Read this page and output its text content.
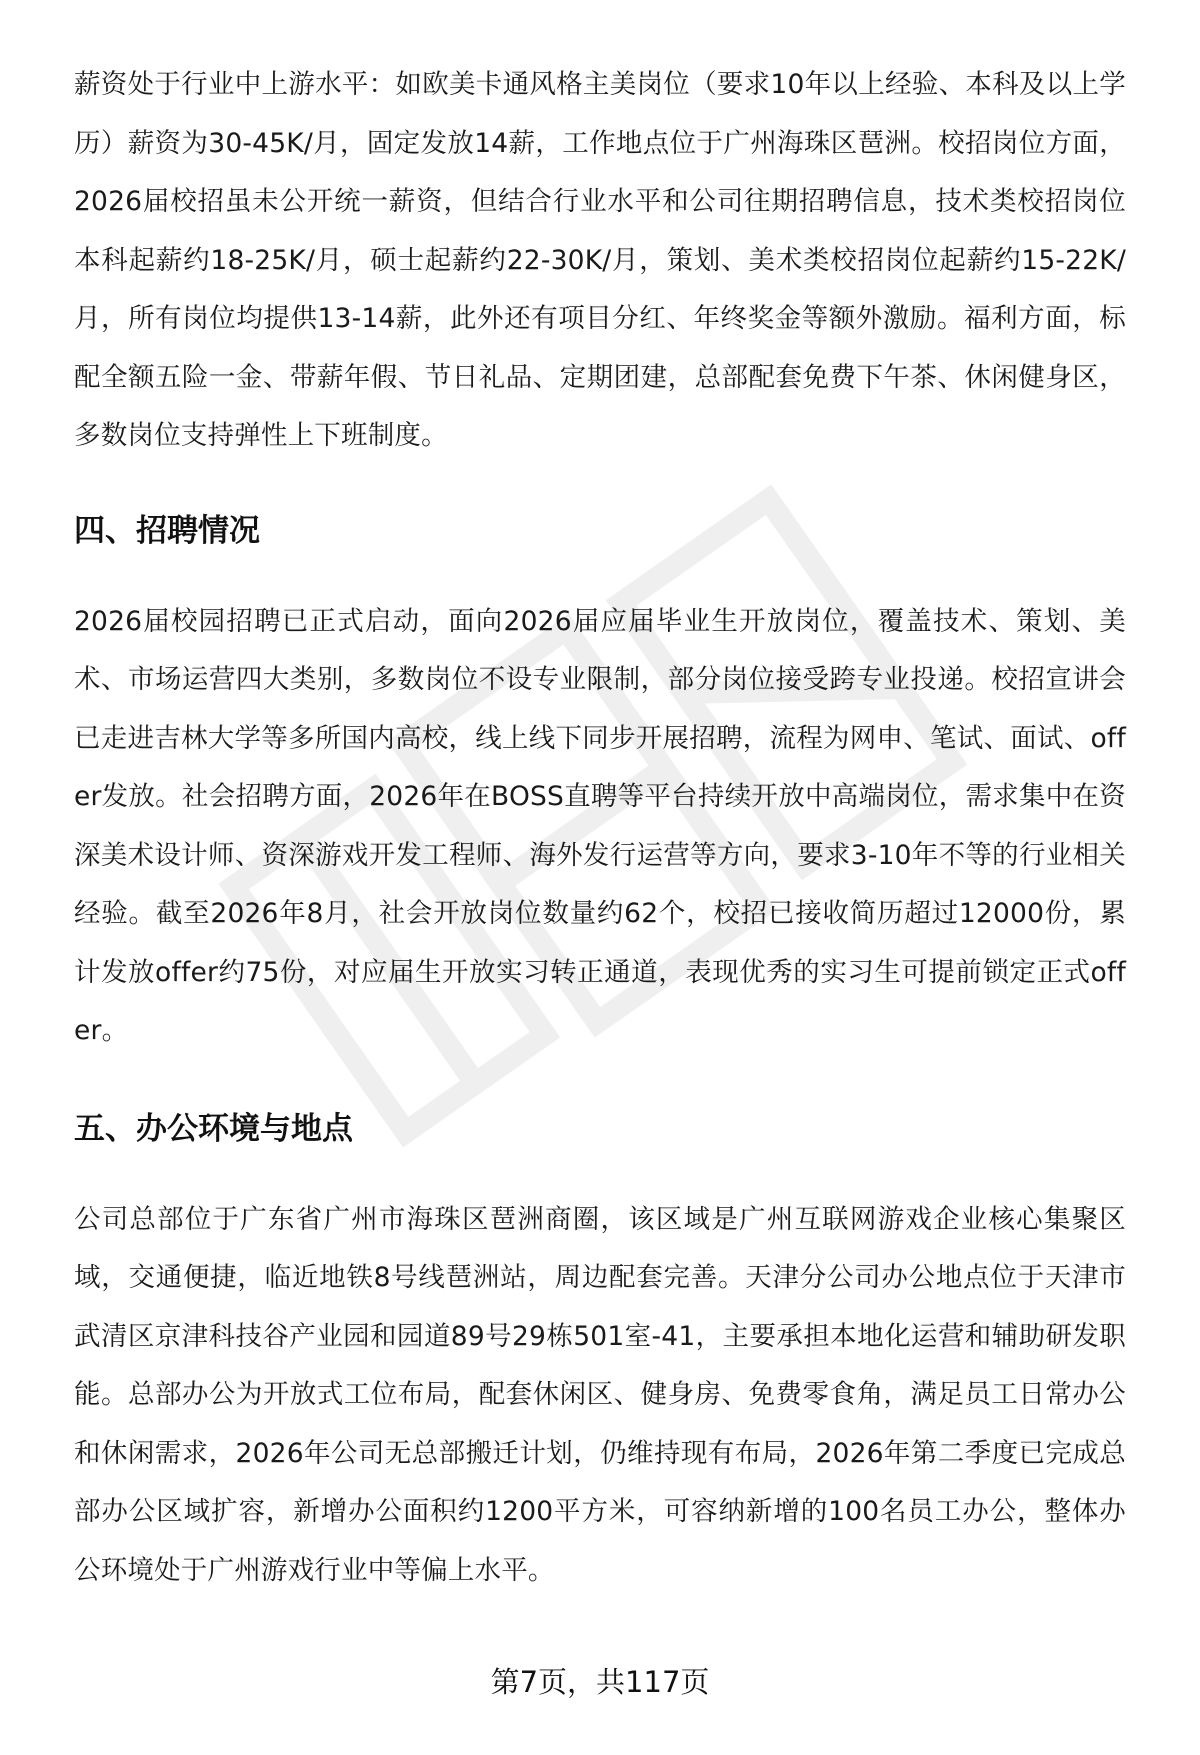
薪资处于行业中上游水平：如欧美卡通风格主美岗位（要求10年以上经验、本科及以上学历）薪资为30-45K/月，固定发放14薪，工作地点位于广州海珠区琶洲。校招岗位方面，2026届校招虽未公开统一薪资，但结合行业水平和公司往期招聘信息，技术类校招岗位本科起薪约18-25K/月，硕士起薪约22-30K/月，策划、美术类校招岗位起薪约15-22K/月，所有岗位均提供13-14薪，此外还有项目分红、年终奖金等额外激励。福利方面，标配全额五险一金、带薪年假、节日礼品、定期团建，总部配套免费下午茶、休闲健身区，多数岗位支持弹性上下班制度。

四、招聘情况

2026届校园招聘已正式启动，面向2026届应届毕业生开放岗位，覆盖技术、策划、美术、市场运营四大类别，多数岗位不设专业限制，部分岗位接受跨专业投递。校招宣讲会已走进吉林大学等多所国内高校，线上线下同步开展招聘，流程为网申、笔试、面试、offer发放。社会招聘方面，2026年在BOSS直聘等平台持续开放中高端岗位，需求集中在资深美术设计师、资深游戏开发工程师、海外发行运营等方向，要求3-10年不等的行业相关经验。截至2026年8月，社会开放岗位数量约62个，校招已接收简历超过12000份，累计发放offer约75份，对应届生开放实习转正通道，表现优秀的实习生可提前锁定正式offer。

五、办公环境与地点

公司总部位于广东省广州市海珠区琶洲商圈，该区域是广州互联网游戏企业核心集聚区域，交通便捷，临近地铁8号线琶洲站，周边配套完善。天津分公司办公地点位于天津市武清区京津科技谷产业园和园道89号29栋501室-41，主要承担本地化运营和辅助研发职能。总部办公为开放式工位布局，配套休闲区、健身房、免费零食角，满足员工日常办公和休闲需求，2026年公司无总部搬迁计划，仍维持现有布局，2026年第二季度已完成总部办公区域扩容，新增办公面积约1200平方米，可容纳新增的100名员工办公，整体办公环境处于广州游戏行业中等偏上水平。

第7页，共117页
